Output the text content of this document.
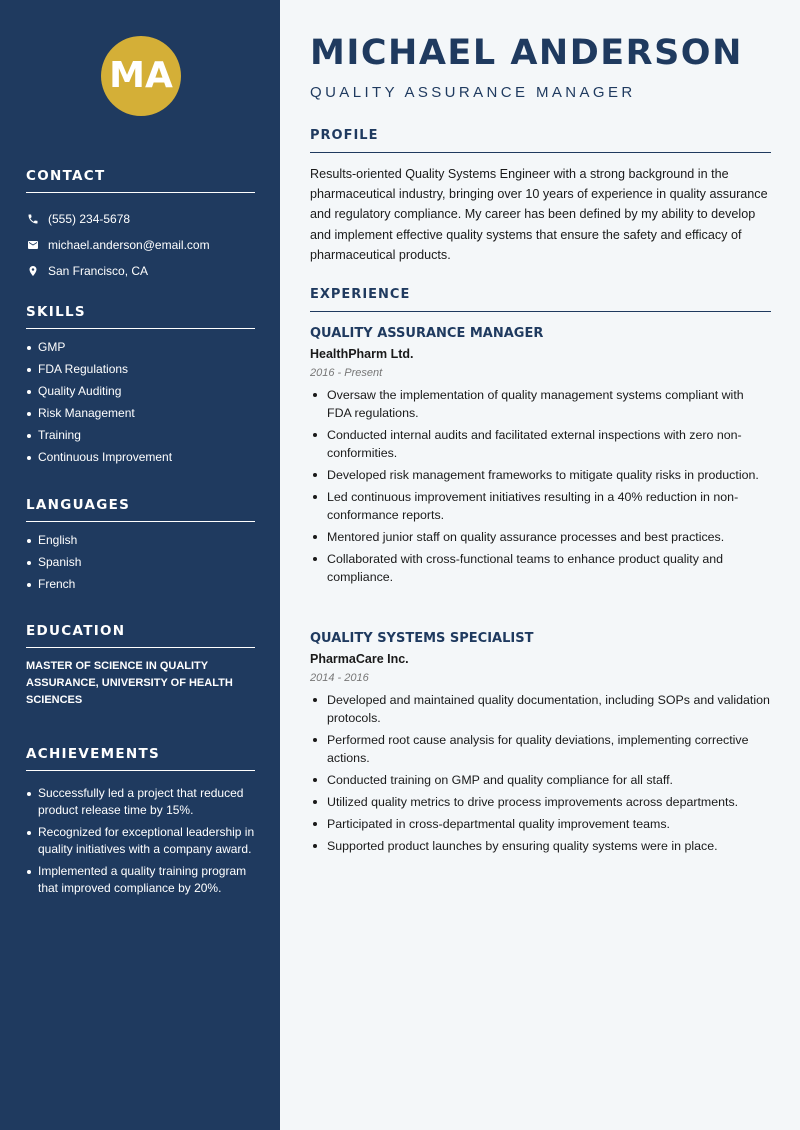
MA
CONTACT
(555) 234-5678
michael.anderson@email.com
San Francisco, CA
SKILLS
GMP
FDA Regulations
Quality Auditing
Risk Management
Training
Continuous Improvement
LANGUAGES
English
Spanish
French
EDUCATION
MASTER OF SCIENCE IN QUALITY ASSURANCE, UNIVERSITY OF HEALTH SCIENCES
ACHIEVEMENTS
Successfully led a project that reduced product release time by 15%.
Recognized for exceptional leadership in quality initiatives with a company award.
Implemented a quality training program that improved compliance by 20%.
MICHAEL ANDERSON
QUALITY ASSURANCE MANAGER
PROFILE
Results-oriented Quality Systems Engineer with a strong background in the pharmaceutical industry, bringing over 10 years of experience in quality assurance and regulatory compliance. My career has been defined by my ability to develop and implement effective quality systems that ensure the safety and efficacy of pharmaceutical products.
EXPERIENCE
QUALITY ASSURANCE MANAGER
HealthPharm Ltd.
2016 - Present
Oversaw the implementation of quality management systems compliant with FDA regulations.
Conducted internal audits and facilitated external inspections with zero non-conformities.
Developed risk management frameworks to mitigate quality risks in production.
Led continuous improvement initiatives resulting in a 40% reduction in non-conformance reports.
Mentored junior staff on quality assurance processes and best practices.
Collaborated with cross-functional teams to enhance product quality and compliance.
QUALITY SYSTEMS SPECIALIST
PharmaCare Inc.
2014 - 2016
Developed and maintained quality documentation, including SOPs and validation protocols.
Performed root cause analysis for quality deviations, implementing corrective actions.
Conducted training on GMP and quality compliance for all staff.
Utilized quality metrics to drive process improvements across departments.
Participated in cross-departmental quality improvement teams.
Supported product launches by ensuring quality systems were in place.
